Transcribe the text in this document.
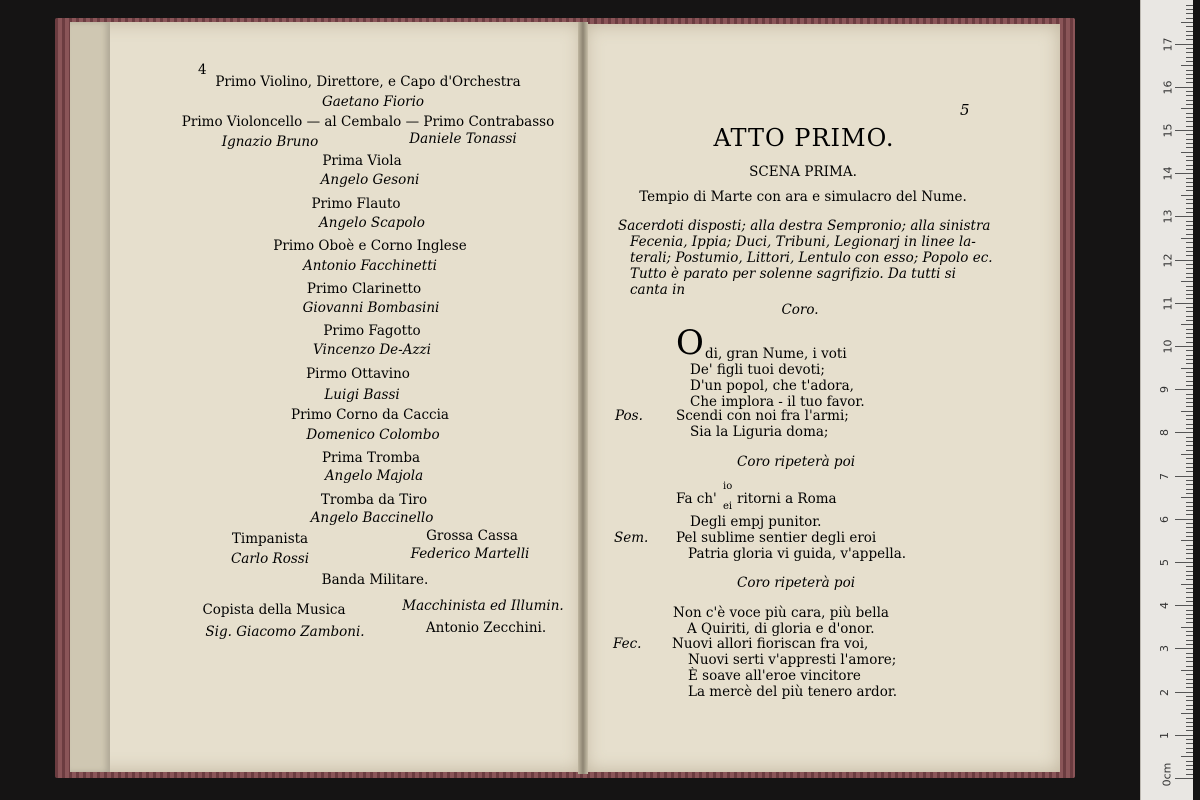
4
Primo Violino, Direttore, e Capo d'Orchestra
Gaetano Fiorio
Primo Violoncello — al Cembalo — Primo Contrabasso
Ignazio Bruno	Daniele Tonassi
Prima Viola
Angelo Gesoni
Primo Flauto
Angelo Scapolo
Primo Oboè e Corno Inglese
Antonio Facchinetti
Primo Clarinetto
Giovanni Bombasini
Primo Fagotto
Vincenzo De-Azzi
Pirmo Ottavino
Luigi Bassi
Primo Corno da Caccia
Domenico Colombo
Prima Tromba
Angelo Majola
Tromba da Tiro
Angelo Baccinello
Timpanista
Carlo Rossi
Grossa Cassa
Federico Martelli
Banda Militare.
Copista della Musica
Sig. Giacomo Zamboni.
Macchinista ed Illumin.
Antonio Zecchini.
5
ATTO PRIMO.
SCENA PRIMA.
Tempio di Marte con ara e simulacro del Nume.
Sacerdoti disposti; alla destra Sempronio; alla sinistra
Fecenia, Ippia; Duci, Tribuni, Legionarj in linee la-
terali; Postumio, Littori, Lentulo con esso; Popolo ec.
Tutto è parato per solenne sagrifizio. Da tutti si
canta in
Coro.
O di, gran Nume, i voti
De' figli tuoi devoti;
D'un popol, che t'adora,
Che implora - il tuo favor.
Pos. Scendi con noi fra l'armi;
Sia la Liguria doma;
Coro ripeterà poi
Fa ch'
io
ei ritorni a Roma
Degli empj punitor.
Sem. Pel sublime sentier degli eroi
Patria gloria vi guida, v'appella.
Coro ripeterà poi
Non c'è voce più cara, più bella
A Quiriti, di gloria e d'onor.
Fec. Nuovi allori fioriscan fra voi,
Nuovi serti v'appresti l'amore;
È soave all'eroe vincitore
La mercè del più tenero ardor.
0cm
1
2
3
4
5
6
7
8
9
10
11
12
13
14
15
16
17
